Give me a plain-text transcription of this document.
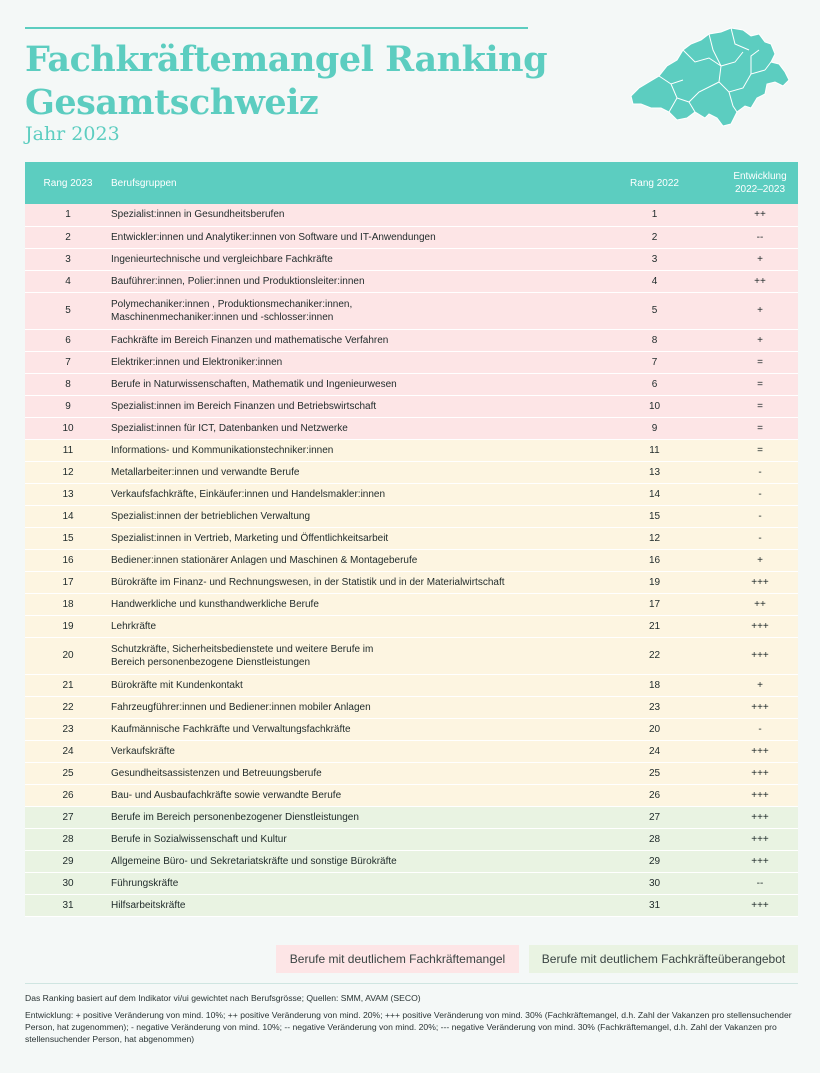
Fachkräftemangel Ranking
Gesamtschweiz
Jahr 2023
Rang 2023	Berufsgruppen	Rang 2022	Entwicklung
2022–2023
1	Spezialist:innen in Gesundheitsberufen	1	++
2	Entwickler:innen und Analytiker:innen von Software und IT-Anwendungen	2	--
3	Ingenieurtechnische und vergleichbare Fachkräfte	3	+
4	Bauführer:innen, Polier:innen und Produktionsleiter:innen	4	++
5	Polymechaniker:innen , Produktionsmechaniker:innen,
Maschinenmechaniker:innen und -schlosser:innen	5	+
6	Fachkräfte im Bereich Finanzen und mathematische Verfahren	8	+
7	Elektriker:innen und Elektroniker:innen	7	=
8	Berufe in Naturwissenschaften, Mathematik und Ingenieurwesen	6	=
9	Spezialist:innen im Bereich Finanzen und Betriebswirtschaft	10	=
10	Spezialist:innen für ICT, Datenbanken und Netzwerke	9	=
11	Informations- und Kommunikationstechniker:innen	11	=
12	Metallarbeiter:innen und verwandte Berufe	13	-
13	Verkaufsfachkräfte, Einkäufer:innen und Handelsmakler:innen	14	-
14	Spezialist:innen der betrieblichen Verwaltung	15	-
15	Spezialist:innen in Vertrieb, Marketing und Öffentlichkeitsarbeit	12	-
16	Bediener:innen stationärer Anlagen und Maschinen & Montageberufe	16	+
17	Bürokräfte im Finanz- und Rechnungswesen, in der Statistik und in der Materialwirtschaft	19	+++
18	Handwerkliche und kunsthandwerkliche Berufe	17	++
19	Lehrkräfte	21	+++
20	Schutzkräfte, Sicherheitsbedienstete und weitere Berufe im
Bereich personenbezogene Dienstleistungen	22	+++
21	Bürokräfte mit Kundenkontakt	18	+
22	Fahrzeugführer:innen und Bediener:innen mobiler Anlagen	23	+++
23	Kaufmännische Fachkräfte und Verwaltungsfachkräfte	20	-
24	Verkaufskräfte	24	+++
25	Gesundheitsassistenzen und Betreuungsberufe	25	+++
26	Bau- und Ausbaufachkräfte sowie verwandte Berufe	26	+++
27	Berufe im Bereich personenbezogener Dienstleistungen	27	+++
28	Berufe in Sozialwissenschaft und Kultur	28	+++
29	Allgemeine Büro- und Sekretariatskräfte und sonstige Bürokräfte	29	+++
30	Führungskräfte	30	--
31	Hilfsarbeitskräfte	31	+++
Berufe mit deutlichem Fachkräftemangel	Berufe mit deutlichem Fachkräfteüberangebot
Das Ranking basiert auf dem Indikator vi/ui gewichtet nach Berufsgrösse; Quellen: SMM, AVAM (SECO)
Entwicklung: + positive Veränderung von mind. 10%; ++ positive Veränderung von mind. 20%; +++ positive Veränderung von mind. 30% (Fachkräftemangel, d.h. Zahl der Vakanzen pro stellensuchender Person, hat zugenommen); - negative Veränderung von mind. 10%; -- negative Veränderung von mind. 20%; --- negative Veränderung von mind. 30% (Fachkräftemangel, d.h. Zahl der Vakanzen pro stellensuchender Person, hat abgenommen)
